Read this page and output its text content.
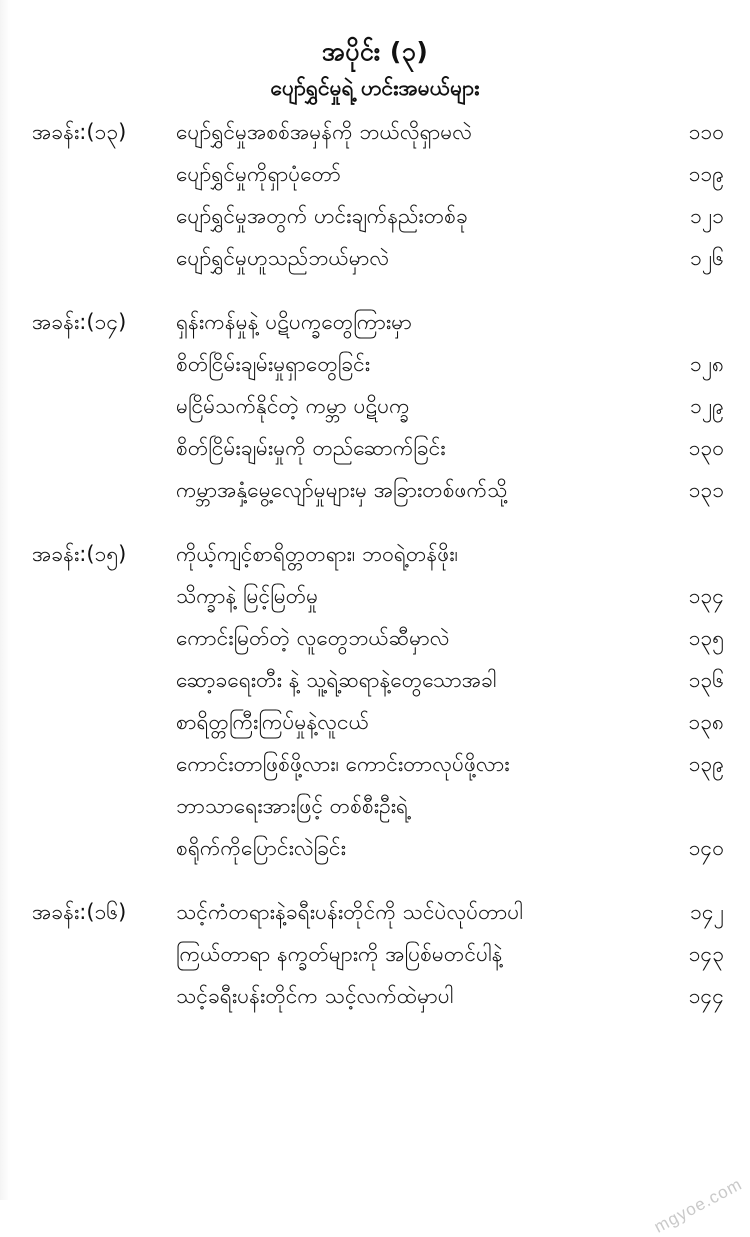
အပိုင်း (၃)
ပျော်ရွှင်မှုရဲ့ ဟင်းအမယ်များ
အခန်း:(၁၃)	ပျော်ရွှင်မှုအစစ်အမှန်ကို ဘယ်လိုရှာမလဲ	၁၁၀
ပျော်ရွှင်မှုကိုရှာပုံတော်	၁၁၉
ပျော်ရွှင်မှုအတွက် ဟင်းချက်နည်းတစ်ခု	၁၂၁
ပျော်ရွှင်မှုဟူသည်ဘယ်မှာလဲ	၁၂၆
အခန်း:(၁၄)	ရှန်းကန်မှုနဲ့ ပဋိပက္ခတွေကြားမှာ
စိတ်ငြိမ်းချမ်းမှုရှာတွေခြင်း	၁၂၈
မငြိမ်သက်နိုင်တဲ့ ကမ္ဘာ ပဋိပက္ခ	၁၂၉
စိတ်ငြိမ်းချမ်းမှုကို တည်ဆောက်ခြင်း	၁၃၀
ကမ္ဘာအနှံ့မွေ့လျော်မှုများမှ အခြားတစ်ဖက်သို့	၁၃၁
အခန်း:(၁၅)	ကိုယ့်ကျင့်စာရိတ္တတရား၊ ဘဝရဲ့တန်ဖိုး၊
သိက္ခာနဲ့ မြင့်မြတ်မှု	၁၃၄
ကောင်းမြတ်တဲ့ လူတွေဘယ်ဆီမှာလဲ	၁၃၅
ဆော့ခရေးတီး နဲ့ သူ့ရဲ့ဆရာနဲ့တွေသောအခါ	၁၃၆
စာရိတ္တကြီးကြပ်မှုနဲ့လူငယ်	၁၃၈
ကောင်းတာဖြစ်ဖို့လား၊ ကောင်းတာလုပ်ဖို့လား	၁၃၉
ဘာသာရေးအားဖြင့် တစ်စီးဦးရဲ့
စရိုက်ကိုပြောင်းလဲခြင်း	၁၄၀
အခန်း:(၁၆)	သင့်ကံတရားနဲ့ခရီးပန်းတိုင်ကို သင်ပဲလုပ်တာပါ	၁၄၂
ကြယ်တာရာ နက္ခတ်များကို အပြစ်မတင်ပါနဲ့	၁၄၃
သင့်ခရီးပန်းတိုင်က သင့်လက်ထဲမှာပါ	၁၄၄
mgyoe.com
